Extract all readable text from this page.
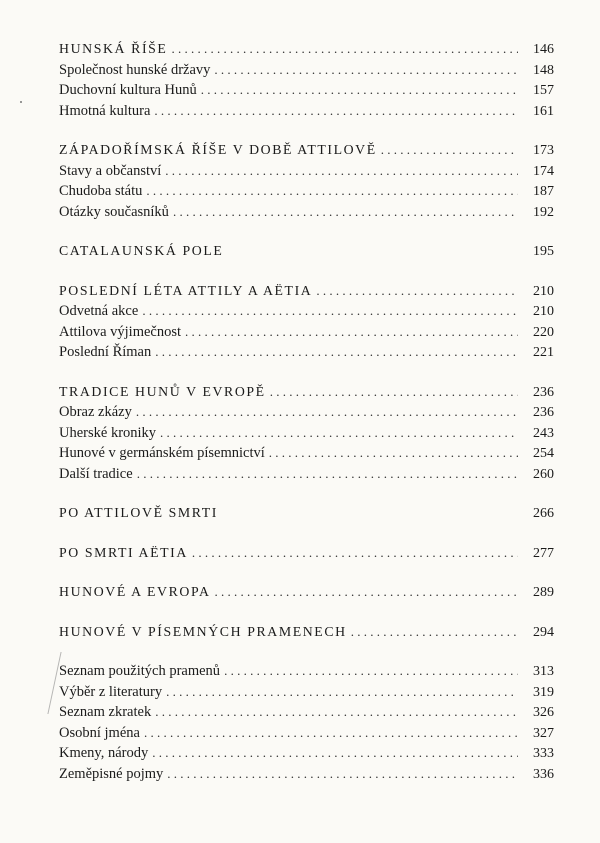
HUNSKÁ ŘÍŠE . . .	146
Společnost hunské državy . . .	148
Duchovní kultura Hunů . . .	157
Hmotná kultura . . .	161
ZÁPADOŘÍMSKÁ ŘÍŠE V DOBĚ ATTILOVĚ . . .	173
Stavy a občanství . . .	174
Chudoba státu . . .	187
Otázky současníků . . .	192
CATALAUNSKÁ POLE	195
POSLEDNÍ LÉTA ATTILY A AËTIA . . .	210
Odvetná akce . . .	210
Attilova výjimečnost . . .	220
Poslední Říman . . .	221
TRADICE HUNŮ V EVROPĚ . . .	236
Obraz zkázy . . .	236
Uherské kroniky . . .	243
Hunové v germánském písemnictví . . .	254
Další tradice . . .	260
PO ATTILOVĚ SMRTI	266
PO SMRTI AËTIA . . .	277
HUNOVÉ A EVROPA . . .	289
HUNOVÉ V PÍSEMNÝCH PRAMENECH . . .	294
Seznam použitých pramenů . . .	313
Výběr z literatury . . .	319
Seznam zkratek . . .	326
Osobní jména . . .	327
Kmeny, národy . . .	333
Zeměpisné pojmy . . .	336
